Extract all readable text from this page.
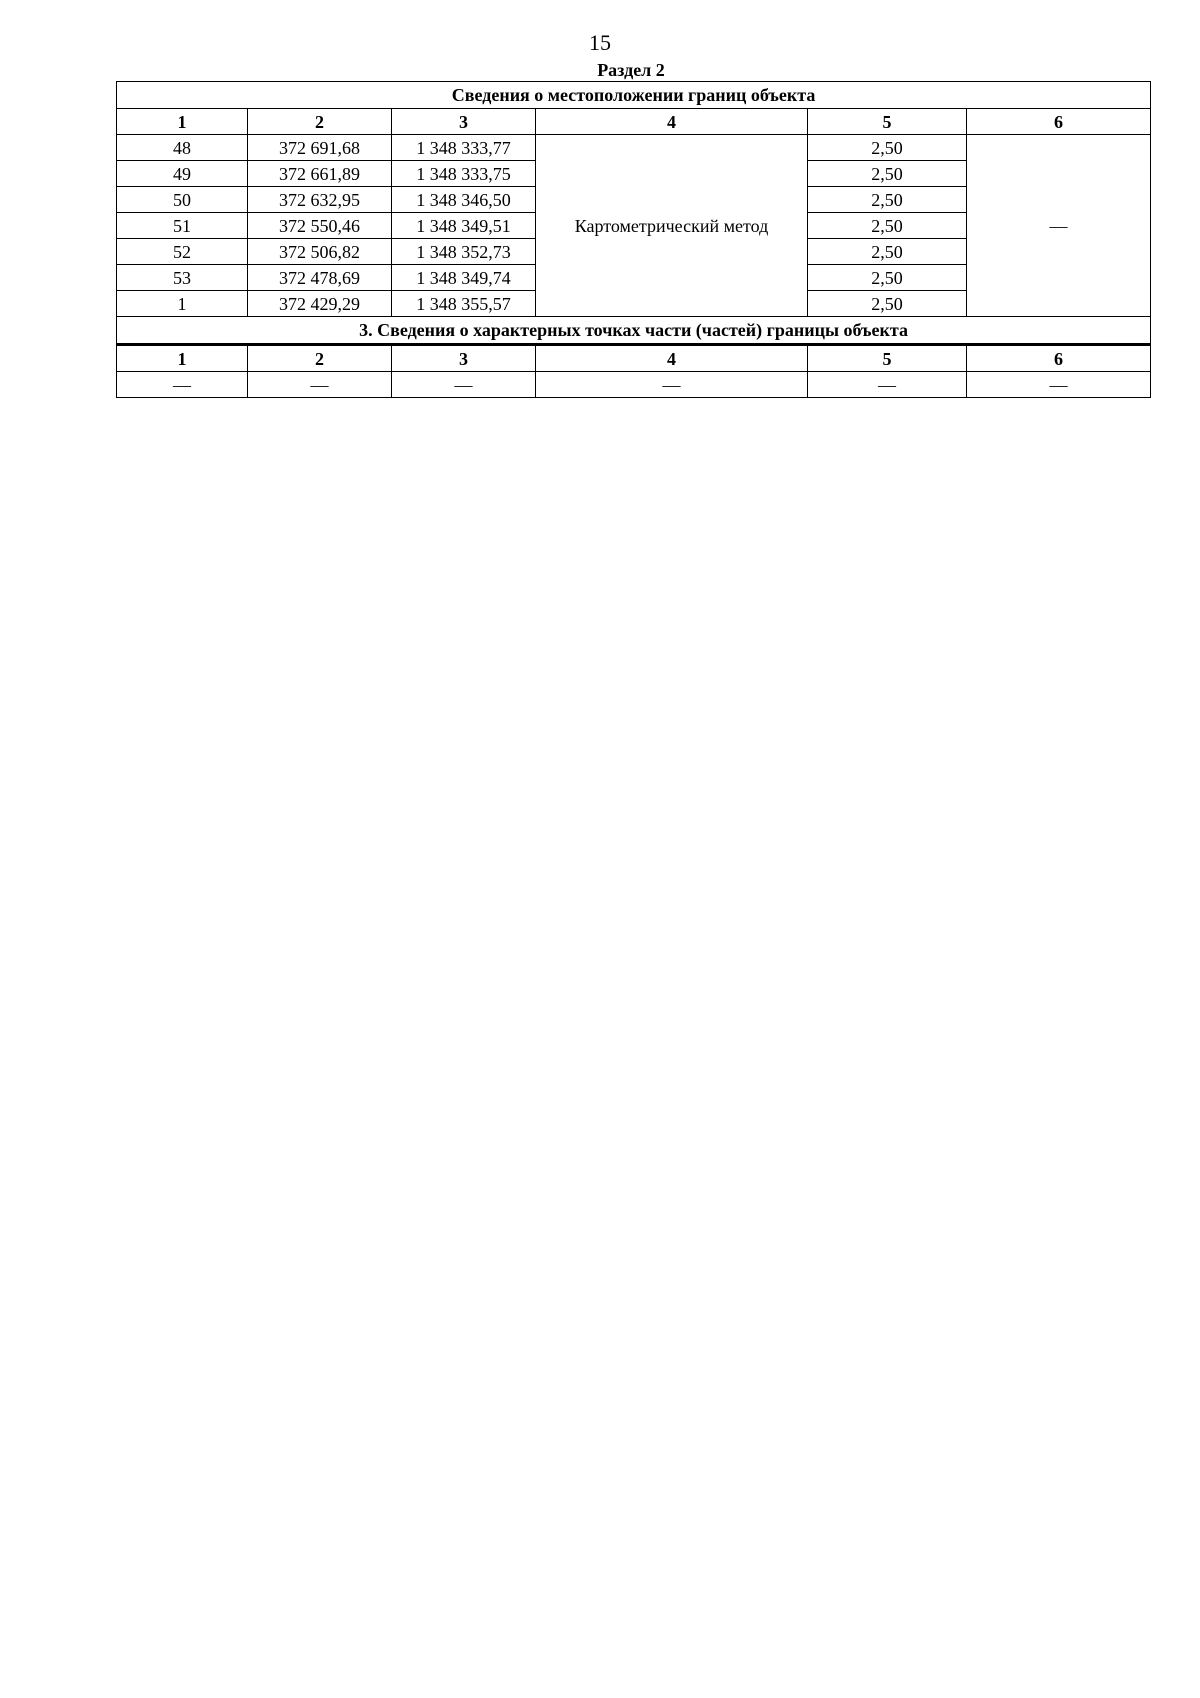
15
Раздел 2
Сведения о местоположении границ объекта					
1	2	3	4	5	6
48	372 691,68	1 348 333,77	Картометрический метод	2,50	—
49	372 661,89	1 348 333,75		2,50	
50	372 632,95	1 348 346,50		2,50	
51	372 550,46	1 348 349,51		2,50	
52	372 506,82	1 348 352,73		2,50	
53	372 478,69	1 348 349,74		2,50	
1	372 429,29	1 348 355,57		2,50	
3. Сведения о характерных точках части (частей) границы объекта					
1	2	3	4	5	6
—	—	—	—	—	—
